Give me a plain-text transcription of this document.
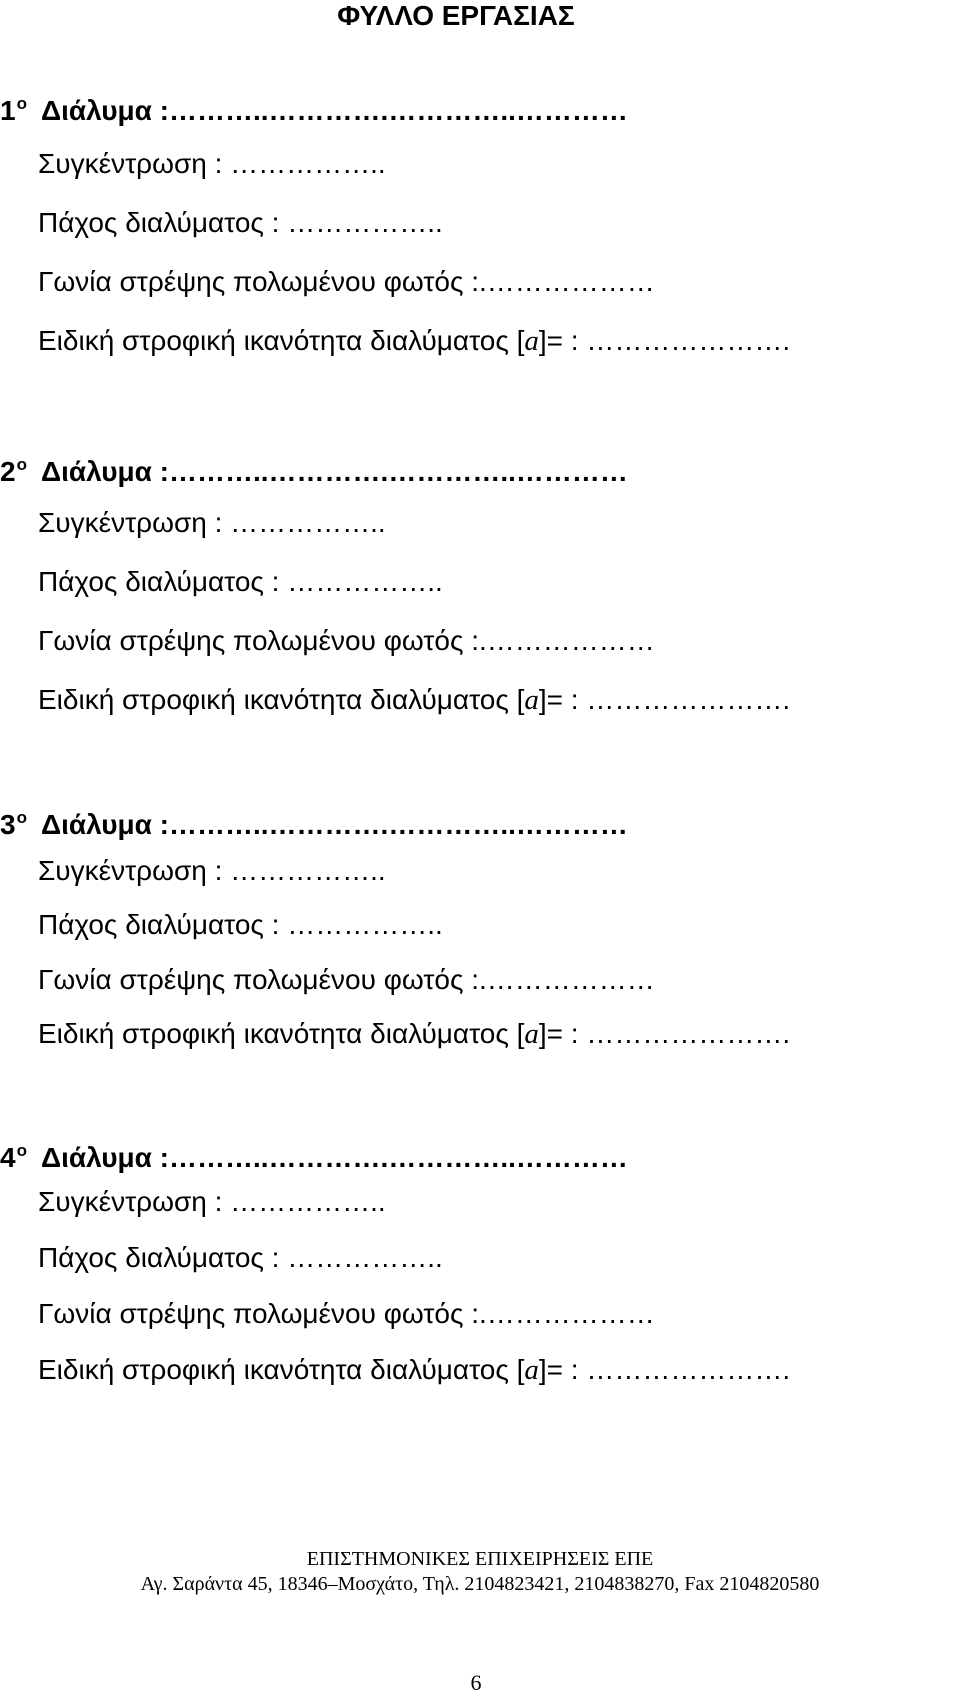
ΦΥΛΛΟ ΕΡΓΑΣΙΑΣ
$1^o$ Διάλυμα :………..………….…………..…………
Συγκέντρωση : ……………..
Πάχος διαλύματος : ……………..
Γωνία στρέψης πολωμένου φωτός :.………………
Ειδική στροφική ικανότητα διαλύματος [a]= : ………………….
$2^o$ Διάλυμα :………..………….…………..…………
Συγκέντρωση : ……………..
Πάχος διαλύματος : ……………..
Γωνία στρέψης πολωμένου φωτός :.………………
Ειδική στροφική ικανότητα διαλύματος [a]= : ………………….
$3^o$ Διάλυμα :………..………….…………..…………
Συγκέντρωση : ……………..
Πάχος διαλύματος : ……………..
Γωνία στρέψης πολωμένου φωτός :.………………
Ειδική στροφική ικανότητα διαλύματος [a]= : ………………….
$4^o$ Διάλυμα :………..………….…………..…………
Συγκέντρωση : ……………..
Πάχος διαλύματος : ……………..
Γωνία στρέψης πολωμένου φωτός :.………………
Ειδική στροφική ικανότητα διαλύματος [a]= : ………………….
ΕΠΙΣΤΗΜΟΝΙΚΕΣ ΕΠΙΧΕΙΡΗΣΕΙΣ ΕΠΕ
Αγ. Σαράντα 45, 18346–Μοσχάτο, Τηλ. 2104823421, 2104838270, Fax 2104820580
6
